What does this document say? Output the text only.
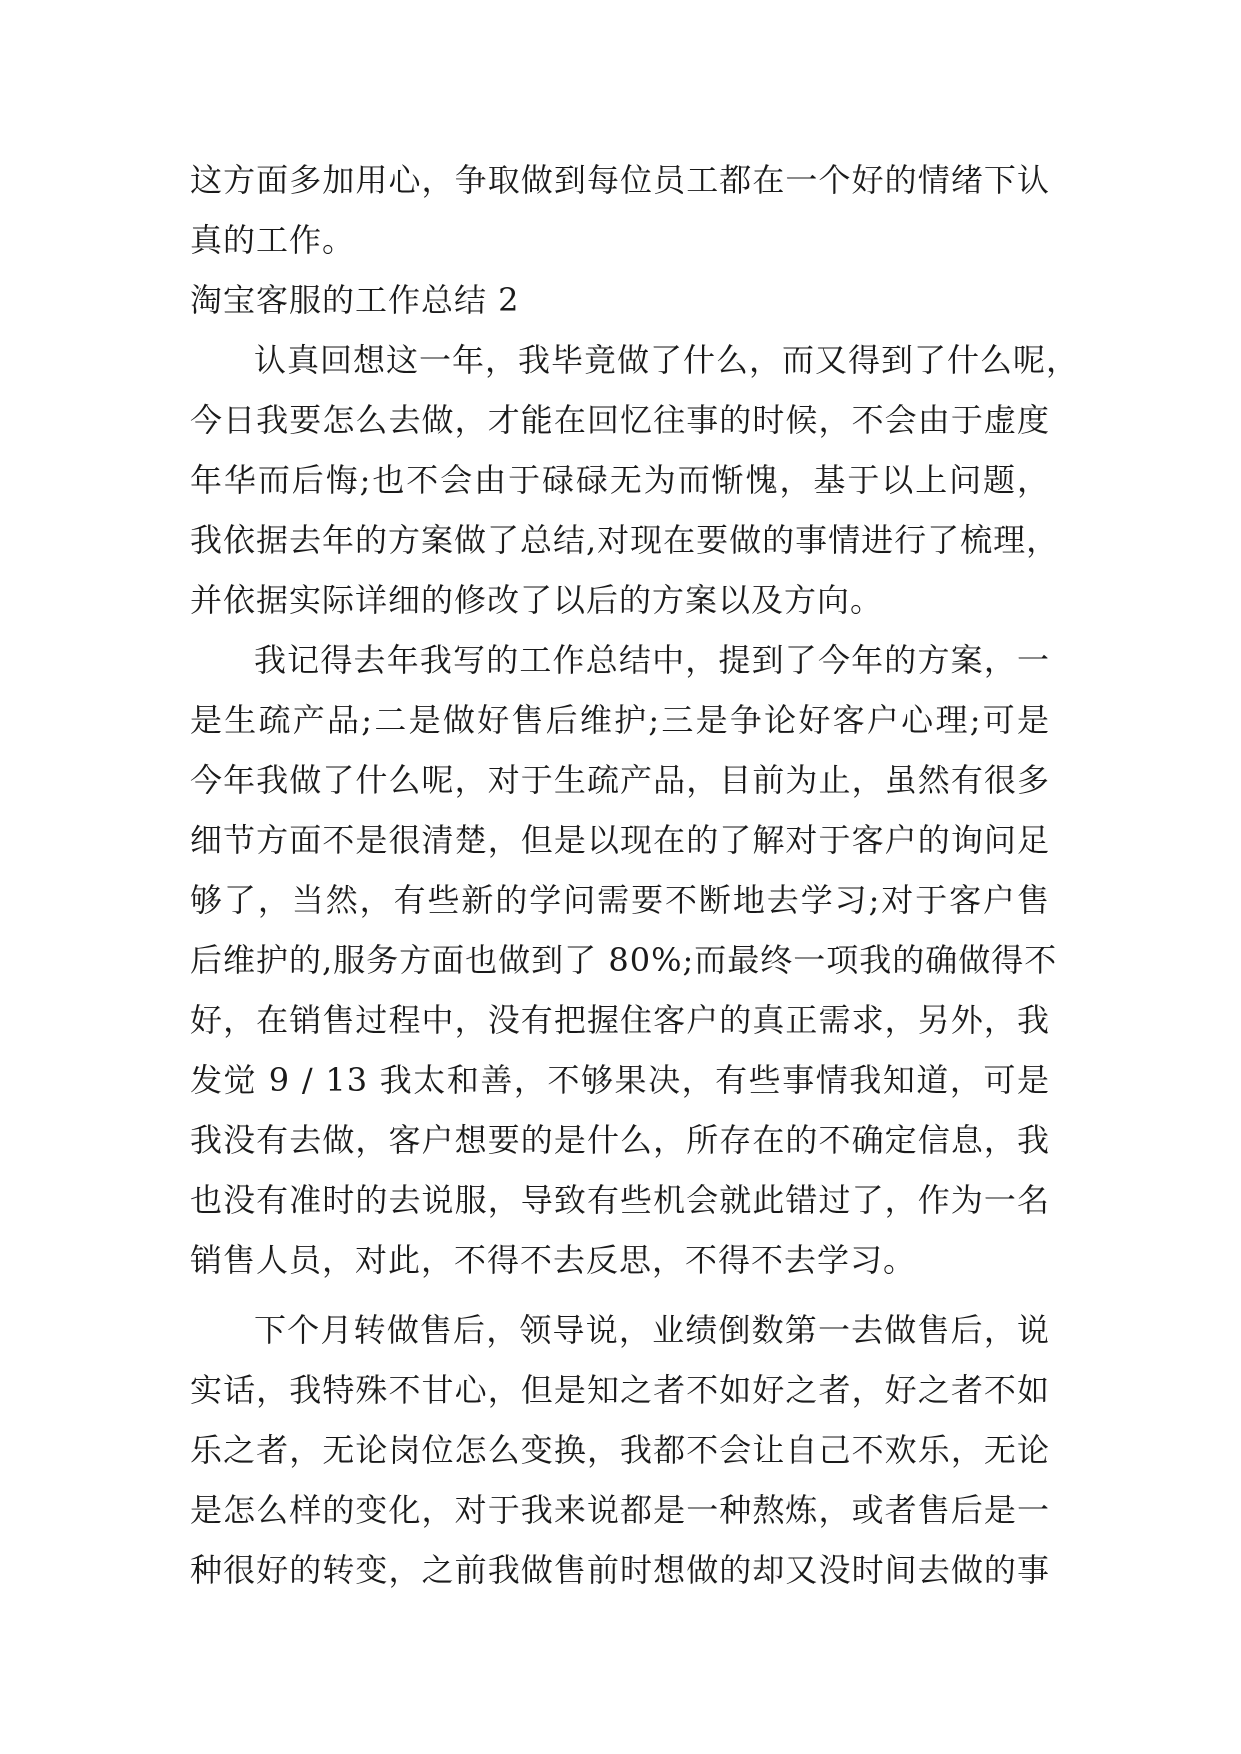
这方面多加用心，争取做到每位员工都在一个好的情绪下认
真的工作。
淘宝客服的工作总结 2
认真回想这一年，我毕竟做了什么，而又得到了什么呢，
今日我要怎么去做，才能在回忆往事的时候，不会由于虚度
年华而后悔;也不会由于碌碌无为而惭愧，基于以上问题，
我依据去年的方案做了总结,对现在要做的事情进行了梳理，
并依据实际详细的修改了以后的方案以及方向。
我记得去年我写的工作总结中，提到了今年的方案，一
是生疏产品;二是做好售后维护;三是争论好客户心理;可是
今年我做了什么呢，对于生疏产品，目前为止，虽然有很多
细节方面不是很清楚，但是以现在的了解对于客户的询问足
够了，当然，有些新的学问需要不断地去学习;对于客户售
后维护的,服务方面也做到了 80%;而最终一项我的确做得不
好，在销售过程中，没有把握住客户的真正需求，另外，我
发觉 9 / 13 我太和善，不够果决，有些事情我知道，可是
我没有去做，客户想要的是什么，所存在的不确定信息，我
也没有准时的去说服，导致有些机会就此错过了，作为一名
销售人员，对此，不得不去反思，不得不去学习。
下个月转做售后，领导说，业绩倒数第一去做售后，说
实话，我特殊不甘心，但是知之者不如好之者，好之者不如
乐之者，无论岗位怎么变换，我都不会让自己不欢乐，无论
是怎么样的变化，对于我来说都是一种熬炼，或者售后是一
种很好的转变，之前我做售前时想做的却又没时间去做的事
